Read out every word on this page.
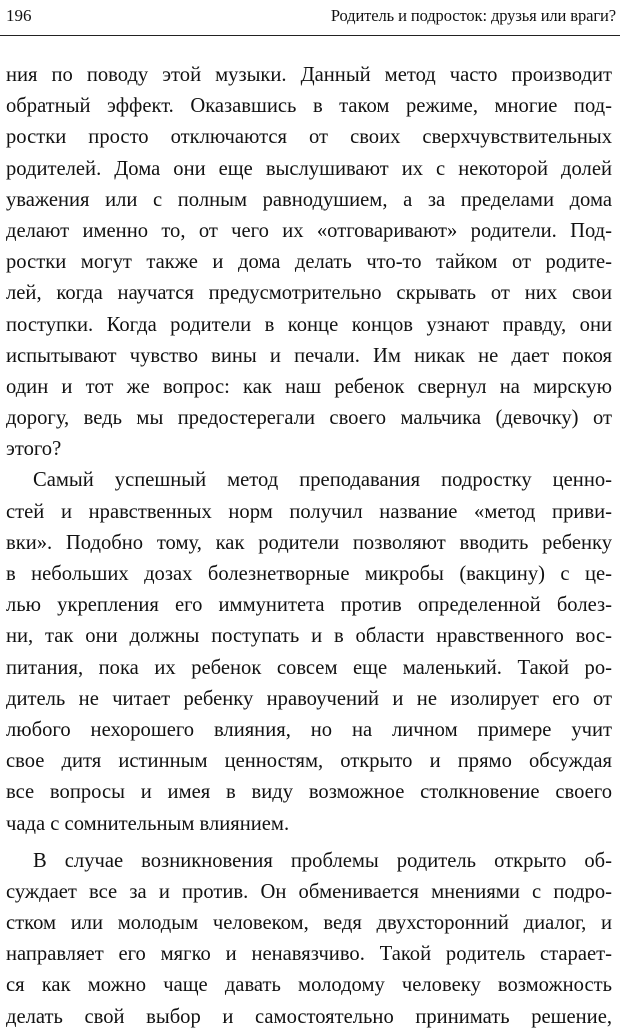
196	Родитель и подросток: друзья или враги?
ния по поводу этой музыки. Данный метод часто производит
обратный эффект. Оказавшись в таком режиме, многие под-
ростки просто отключаются от своих сверхчувствительных
родителей. Дома они еще выслушивают их с некоторой долей
уважения или с полным равнодушием, а за пределами дома
делают именно то, от чего их «отговаривают» родители. Под-
ростки могут также и дома делать что-то тайком от родите-
лей, когда научатся предусмотрительно скрывать от них свои
поступки. Когда родители в конце концов узнают правду, они
испытывают чувство вины и печали. Им никак не дает покоя
один и тот же вопрос: как наш ребенок свернул на мирскую
дорогу, ведь мы предостерегали своего мальчика (девочку) от
этого?
Самый успешный метод преподавания подростку ценно-
стей и нравственных норм получил название «метод приви-
вки». Подобно тому, как родители позволяют вводить ребенку
в небольших дозах болезнетворные микробы (вакцину) с це-
лью укрепления его иммунитета против определенной болез-
ни, так они должны поступать и в области нравственного вос-
питания, пока их ребенок совсем еще маленький. Такой ро-
дитель не читает ребенку нравоучений и не изолирует его от
любого нехорошего влияния, но на личном примере учит
свое дитя истинным ценностям, открыто и прямо обсуждая
все вопросы и имея в виду возможное столкновение своего
чада с сомнительным влиянием.
В случае возникновения проблемы родитель открыто об-
суждает все за и против. Он обменивается мнениями с подро-
стком или молодым человеком, ведя двухсторонний диалог, и
направляет его мягко и ненавязчиво. Такой родитель старает-
ся как можно чаще давать молодому человеку возможность
делать свой выбор и самостоятельно принимать решение,
